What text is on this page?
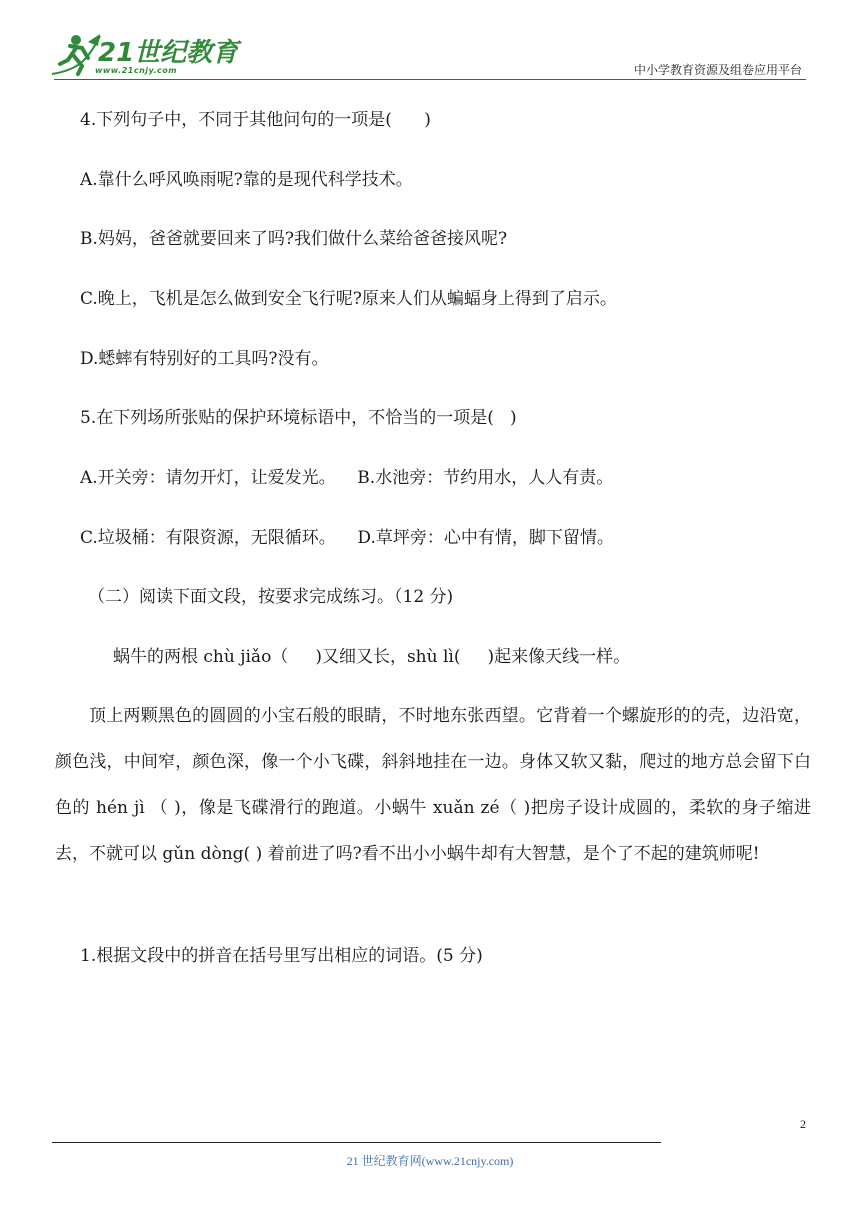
21世纪教育
www.21cnjy.com	中小学教育资源及组卷应用平台
4.下列句子中，不同于其他问句的一项是(      )
A.靠什么呼风唤雨呢?靠的是现代科学技术。
B.妈妈，爸爸就要回来了吗?我们做什么菜给爸爸接风呢?
C.晚上，飞机是怎么做到安全飞行呢?原来人们从蝙蝠身上得到了启示。
D.蟋蟀有特别好的工具吗?没有。
5.在下列场所张贴的保护环境标语中，不恰当的一项是(   )
A.开关旁：请勿开灯，让爱发光。    B.水池旁：节约用水，人人有责。
C.垃圾桶：有限资源，无限循环。    D.草坪旁：心中有情，脚下留情。
（二）阅读下面文段，按要求完成练习。（12 分)
蜗牛的两根 chù jiǎo（     )又细又长，shù lì(     )起来像天线一样。
顶上两颗黑色的圆圆的小宝石般的眼睛，不时地东张西望。它背着一个螺旋形的的壳，边沿宽，颜色浅，中间窄，颜色深，像一个小飞碟，斜斜地挂在一边。身体又软又黏，爬过的地方总会留下白色的 hén jì （ )，像是飞碟滑行的跑道。小蜗牛 xuǎn zé（ )把房子设计成圆的，柔软的身子缩进去，不就可以 gǔn dòng( ) 着前进了吗?看不出小小蜗牛却有大智慧，是个了不起的建筑师呢!
1.根据文段中的拼音在括号里写出相应的词语。(5 分)
2
21 世纪教育网(www.21cnjy.com)
